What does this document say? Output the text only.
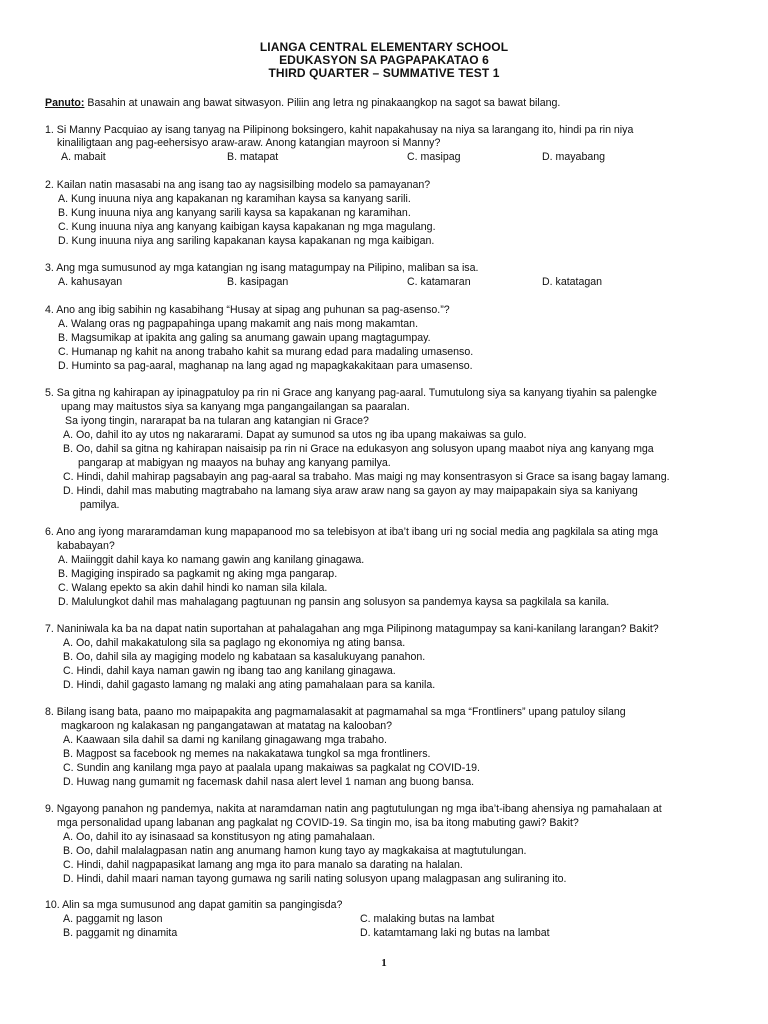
LIANGA CENTRAL ELEMENTARY SCHOOL
EDUKASYON SA PAGPAPAKATAO 6
THIRD QUARTER – SUMMATIVE TEST 1
Panuto: Basahin at unawain ang bawat sitwasyon. Piliin ang letra ng pinakaangkop na sagot sa bawat bilang.
1. Si Manny Pacquiao ay isang tanyag na Pilipinong boksingero, kahit napakahusay na niya sa larangang ito, hindi pa rin niya
kinaliligtaan ang pag-eehersisyo araw-araw. Anong katangian mayroon si Manny?
A. mabait	B. matapat	C. masipag	D. mayabang
2. Kailan natin masasabi na ang isang tao ay nagsisilbing modelo sa pamayanan?
A. Kung inuuna niya ang kapakanan ng karamihan kaysa sa kanyang sarili.
B. Kung inuuna niya ang kanyang sarili kaysa sa kapakanan ng karamihan.
C. Kung inuuna niya ang kanyang kaibigan kaysa kapakanan ng mga magulang.
D. Kung inuuna niya ang sariling kapakanan kaysa kapakanan ng mga kaibigan.
3. Ang mga sumusunod ay mga katangian ng isang matagumpay na Pilipino, maliban sa isa.
A. kahusayan	B. kasipagan	C. katamaran	D. katatagan
4. Ano ang ibig sabihin ng kasabihang “Husay at sipag ang puhunan sa pag-asenso.”?
A. Walang oras ng pagpapahinga upang makamit ang nais mong makamtan.
B. Magsumikap at ipakita ang galing sa anumang gawain upang magtagumpay.
C. Humanap ng kahit na anong trabaho kahit sa murang edad para madaling umasenso.
D. Huminto sa pag-aaral, maghanap na lang agad ng mapagkakakitaan para umasenso.
5. Sa gitna ng kahirapan ay ipinagpatuloy pa rin ni Grace ang kanyang pag-aaral. Tumutulong siya sa kanyang tiyahin sa palengke
upang may maitustos siya sa kanyang mga pangangailangan sa paaralan.
Sa iyong tingin, nararapat ba na tularan ang katangian ni Grace?
A. Oo, dahil ito ay utos ng nakararami. Dapat ay sumunod sa utos ng iba upang makaiwas sa gulo.
B. Oo, dahil sa gitna ng kahirapan naisaisip pa rin ni Grace na edukasyon ang solusyon upang maabot niya ang kanyang mga
pangarap at mabigyan ng maayos na buhay ang kanyang pamilya.
C. Hindi, dahil mahirap pagsabayin ang pag-aaral sa trabaho. Mas maigi ng may konsentrasyon si Grace sa isang bagay lamang.
D. Hindi, dahil mas mabuting magtrabaho na lamang siya araw araw nang sa gayon ay may maipapakain siya sa kaniyang
pamilya.
6. Ano ang iyong mararamdaman kung mapapanood mo sa telebisyon at iba’t ibang uri ng social media ang pagkilala sa ating mga
kababayan?
A. Maiinggit dahil kaya ko namang gawin ang kanilang ginagawa.
B. Magiging inspirado sa pagkamit ng aking mga pangarap.
C. Walang epekto sa akin dahil hindi ko naman sila kilala.
D. Malulungkot dahil mas mahalagang pagtuunan ng pansin ang solusyon sa pandemya kaysa sa pagkilala sa kanila.
7. Naniniwala ka ba na dapat natin suportahan at pahalagahan ang mga Pilipinong matagumpay sa kani-kanilang larangan? Bakit?
A. Oo, dahil makakatulong sila sa paglago ng ekonomiya ng ating bansa.
B. Oo, dahil sila ay magiging modelo ng kabataan sa kasalukuyang panahon.
C. Hindi, dahil kaya naman gawin ng ibang tao ang kanilang ginagawa.
D. Hindi, dahil gagasto lamang ng malaki ang ating pamahalaan para sa kanila.
8. Bilang isang bata, paano mo maipapakita ang pagmamalasakit at pagmamahal sa mga “Frontliners” upang patuloy silang
magkaroon ng kalakasan ng pangangatawan at matatag na kalooban?
A. Kaawaan sila dahil sa dami ng kanilang ginagawang mga trabaho.
B. Magpost sa facebook ng memes na nakakatawa tungkol sa mga frontliners.
C. Sundin ang kanilang mga payo at paalala upang makaiwas sa pagkalat ng COVID-19.
D. Huwag nang gumamit ng facemask dahil nasa alert level 1 naman ang buong bansa.
9. Ngayong panahon ng pandemya, nakita at naramdaman natin ang pagtutulungan ng mga iba’t-ibang ahensiya ng pamahalaan at
mga personalidad upang labanan ang pagkalat ng COVID-19. Sa tingin mo, isa ba itong mabuting gawi? Bakit?
A. Oo, dahil ito ay isinasaad sa konstitusyon ng ating pamahalaan.
B. Oo, dahil malalagpasan natin ang anumang hamon kung tayo ay magkakaisa at magtutulungan.
C. Hindi, dahil nagpapasikat lamang ang mga ito para manalo sa darating na halalan.
D. Hindi, dahil maari naman tayong gumawa ng sarili nating solusyon upang malagpasan ang suliraning ito.
10. Alin sa mga sumusunod ang dapat gamitin sa pangingisda?
A. paggamit ng lason	C. malaking butas na lambat
B. paggamit ng dinamita	D. katamtamang laki ng butas na lambat
1
